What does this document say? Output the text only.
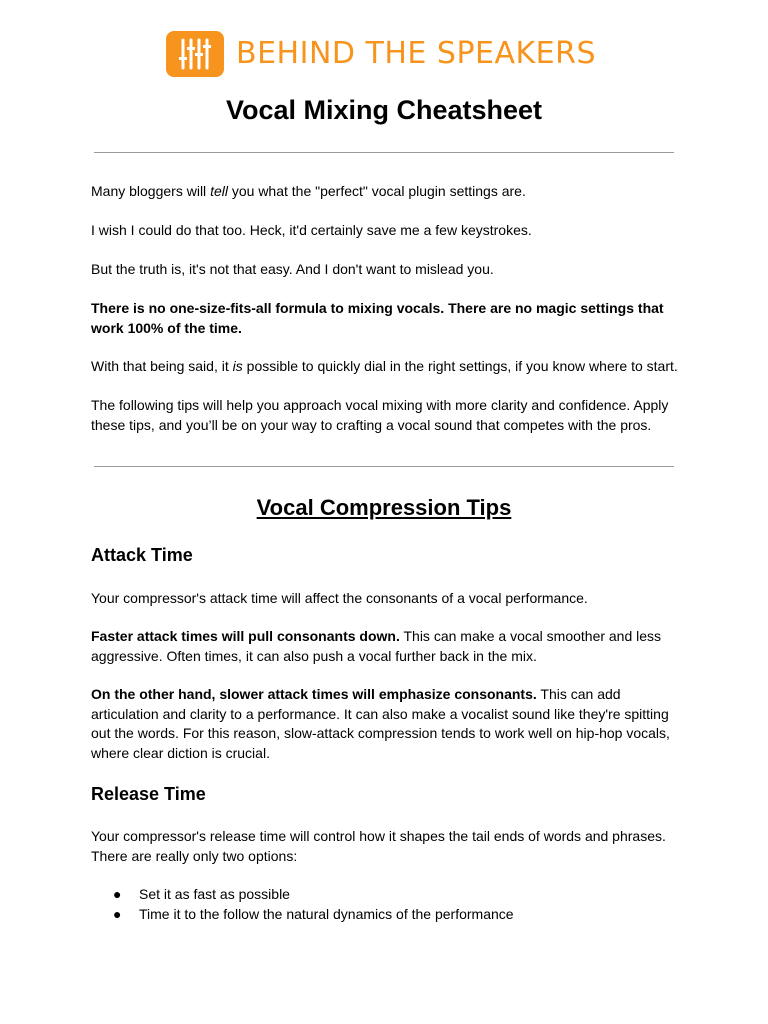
BEHIND THE SPEAKERS
Vocal Mixing Cheatsheet

Many bloggers will tell you what the "perfect" vocal plugin settings are.

I wish I could do that too. Heck, it'd certainly save me a few keystrokes.

But the truth is, it's not that easy. And I don't want to mislead you.

There is no one-size-fits-all formula to mixing vocals. There are no magic settings that work 100% of the time.

With that being said, it is possible to quickly dial in the right settings, if you know where to start.

The following tips will help you approach vocal mixing with more clarity and confidence. Apply these tips, and you’ll be on your way to crafting a vocal sound that competes with the pros.

Vocal Compression Tips
Attack Time

Your compressor's attack time will affect the consonants of a vocal performance.

Faster attack times will pull consonants down. This can make a vocal smoother and less aggressive. Often times, it can also push a vocal further back in the mix.

On the other hand, slower attack times will emphasize consonants. This can add articulation and clarity to a performance. It can also make a vocalist sound like they're spitting out the words. For this reason, slow-attack compression tends to work well on hip-hop vocals, where clear diction is crucial.

Release Time

Your compressor's release time will control how it shapes the tail ends of words and phrases. There are really only two options:

● Set it as fast as possible
● Time it to the follow the natural dynamics of the performance
